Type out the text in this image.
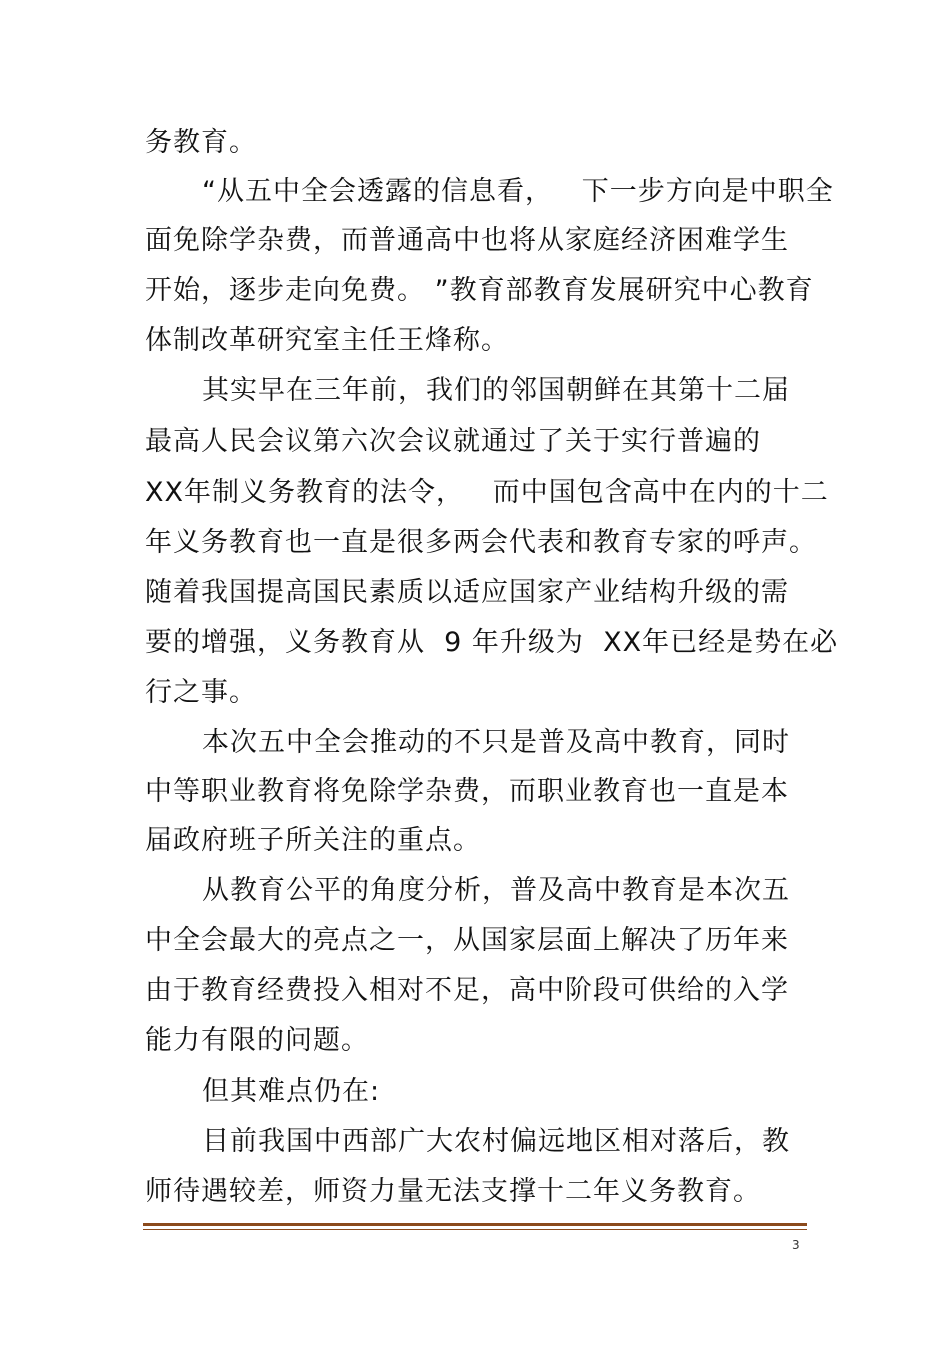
务教育。
“从五中全会透露的信息看，   下一步方向是中职全
面免除学杂费，而普通高中也将从家庭经济困难学生
开始，逐步走向免费。 ”教育部教育发展研究中心教育
体制改革研究室主任王烽称。
其实早在三年前，我们的邻国朝鲜在其第十二届
最高人民会议第六次会议就通过了关于实行普遍的
XX年制义务教育的法令，   而中国包含高中在内的十二
年义务教育也一直是很多两会代表和教育专家的呼声。
随着我国提高国民素质以适应国家产业结构升级的需
要的增强，义务教育从  9 年升级为  XX年已经是势在必
行之事。
本次五中全会推动的不只是普及高中教育，同时
中等职业教育将免除学杂费，而职业教育也一直是本
届政府班子所关注的重点。
从教育公平的角度分析，普及高中教育是本次五
中全会最大的亮点之一，从国家层面上解决了历年来
由于教育经费投入相对不足，高中阶段可供给的入学
能力有限的问题。
但其难点仍在:
目前我国中西部广大农村偏远地区相对落后，教
师待遇较差，师资力量无法支撑十二年义务教育。
3
